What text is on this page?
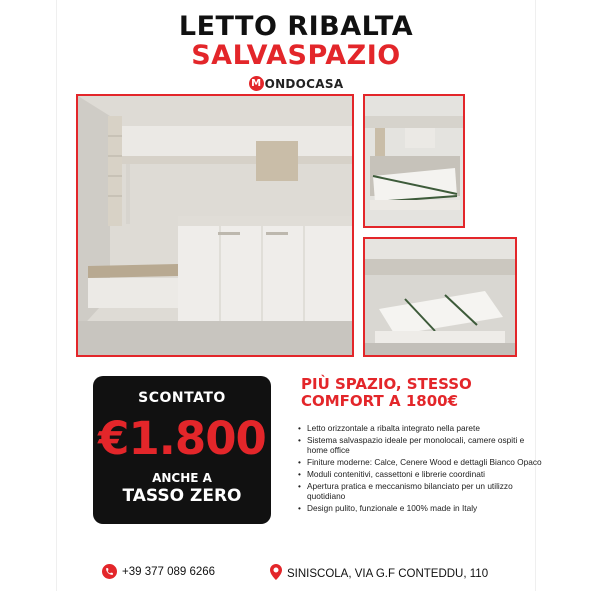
LETTO RIBALTA
SALVASPAZIO
M ONDOCASA
SCONTATO
€1.800
ANCHE A
TASSO ZERO
PIÙ SPAZIO, STESSO
COMFORT A 1800€
• Letto orizzontale a ribalta integrato nella parete
• Sistema salvaspazio ideale per monolocali, camere ospiti e home office
• Finiture moderne: Calce, Cenere Wood e dettagli Bianco Opaco
• Moduli contenitivi, cassettoni e librerie coordinati
• Apertura pratica e meccanismo bilanciato per un utilizzo quotidiano
• Design pulito, funzionale e 100% made in Italy
+39 377 089 6266	SINISCOLA, VIA G.F CONTEDDU, 110
